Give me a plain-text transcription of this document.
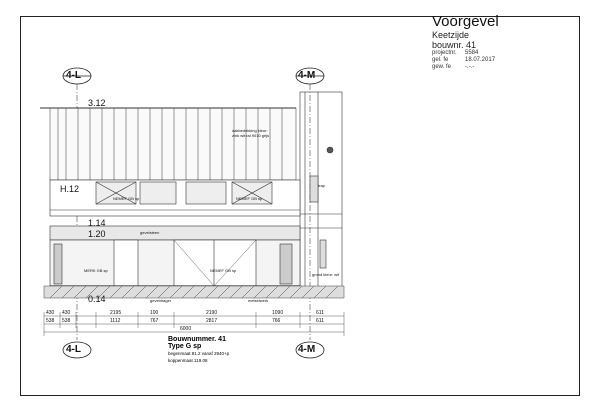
Voorgevel
Keetzijde
bouwnr. 41
projectnr.	5584
gel. fe	18.07.2017
gew. fe	-.-.-
4-L	4-M
4-L	4-M
3.12
H.12
1.14
1.20
0.14
dakbedekking kleur: zink wit ral 9010 grijs
trap
NEMEF GB sp	NEMEF GB sp
gevelsteen
MERK GB sp	NEMEF GB sp
geveldrager	metselwerk
grond kleur: wit
430 430	2195	100	2190	1090	611
538 538	1112	767	2817	766	611
6000
Bouwnummer. 41
Type G sp
begenmaat 81.2 vanaf 2940+p
koppenmaat 119.08
